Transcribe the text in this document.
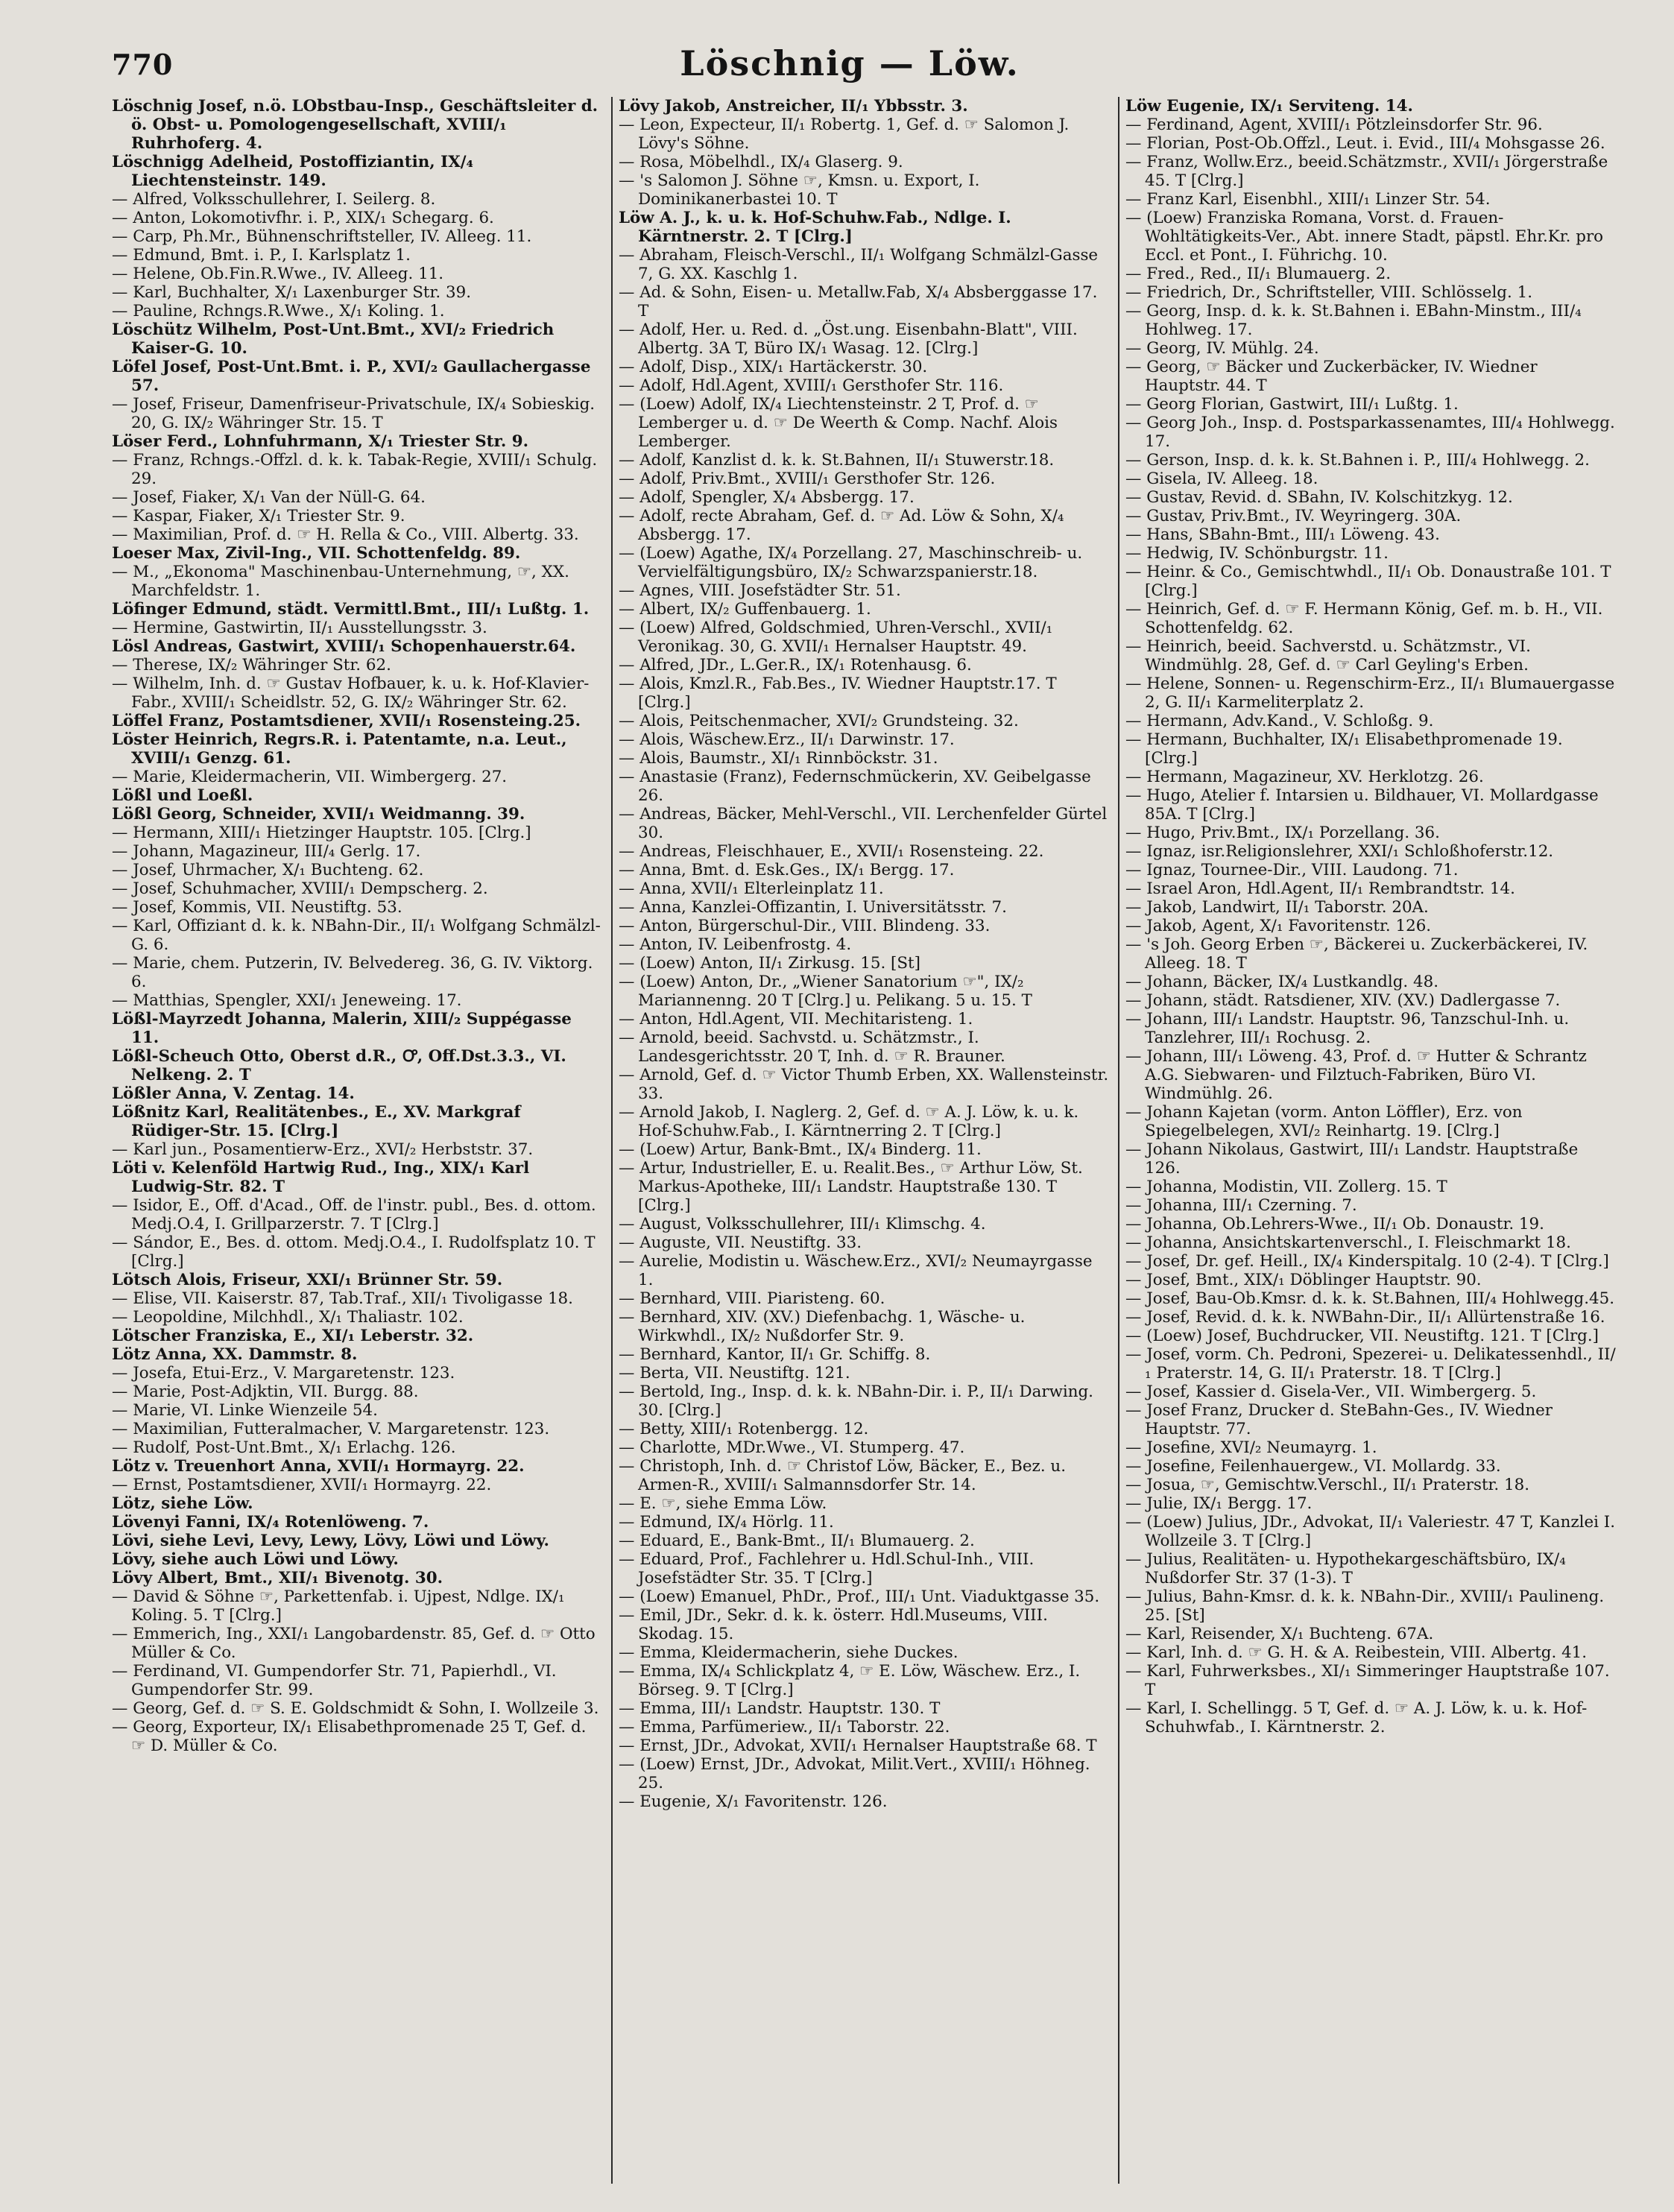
770	Löschnig — Löw.

Löschnig Josef, n.ö. LObstbau-Insp., Geschäftsleiter d. ö. Obst- u. Pomologengesellschaft, XVIII/₁ Ruhrhoferg. 4.

Löschnigg Adelheid, Postoffiziantin, IX/₄ Liechtensteinstr. 149.

— Alfred, Volksschullehrer, I. Seilerg. 8.

— Anton, Lokomotivfhr. i. P., XIX/₁ Schegarg. 6.

— Carp, Ph.Mr., Bühnenschriftsteller, IV. Alleeg. 11.

— Edmund, Bmt. i. P., I. Karlsplatz 1.

— Helene, Ob.Fin.R.Wwe., IV. Alleeg. 11.

— Karl, Buchhalter, X/₁ Laxenburger Str. 39.

— Pauline, Rchngs.R.Wwe., X/₁ Koling. 1.

Löschütz Wilhelm, Post-Unt.Bmt., XVI/₂ Friedrich Kaiser-G. 10.

Löfel Josef, Post-Unt.Bmt. i. P., XVI/₂ Gaullachergasse 57.

— Josef, Friseur, Damenfriseur-Privatschule, IX/₄ Sobieskig. 20, G. IX/₂ Währinger Str. 15. T

Löser Ferd., Lohnfuhrmann, X/₁ Triester Str. 9.

— Franz, Rchngs.-Offzl. d. k. k. Tabak-Regie, XVIII/₁ Schulg. 29.

— Josef, Fiaker, X/₁ Van der Nüll-G. 64.

— Kaspar, Fiaker, X/₁ Triester Str. 9.

— Maximilian, Prof. d. ☞ H. Rella & Co., VIII. Albertg. 33.

Loeser Max, Zivil-Ing., VII. Schottenfeldg. 89.

— M., „Ekonoma" Maschinenbau-Unternehmung, ☞, XX. Marchfeldstr. 1.

Löfinger Edmund, städt. Vermittl.Bmt., III/₁ Lußtg. 1.

— Hermine, Gastwirtin, II/₁ Ausstellungsstr. 3.

Lösl Andreas, Gastwirt, XVIII/₁ Schopenhauerstr.64.

— Therese, IX/₂ Währinger Str. 62.

— Wilhelm, Inh. d. ☞ Gustav Hofbauer, k. u. k. Hof-Klavier-Fabr., XVIII/₁ Scheidlstr. 52, G. IX/₂ Währinger Str. 62.

Löffel Franz, Postamtsdiener, XVII/₁ Rosensteing.25.

Löster Heinrich, Regrs.R. i. Patentamte, n.a. Leut., XVIII/₁ Genzg. 61.

— Marie, Kleidermacherin, VII. Wimbergerg. 27.

Lößl und Loeßl.

Lößl Georg, Schneider, XVII/₁ Weidmanng. 39.

— Hermann, XIII/₁ Hietzinger Hauptstr. 105. [Clrg.]

— Johann, Magazineur, III/₄ Gerlg. 17.

— Josef, Uhrmacher, X/₁ Buchteng. 62.

— Josef, Schuhmacher, XVIII/₁ Dempscherg. 2.

— Josef, Kommis, VII. Neustiftg. 53.

— Karl, Offiziant d. k. k. NBahn-Dir., II/₁ Wolfgang Schmälzl-G. 6.

— Marie, chem. Putzerin, IV. Belvedereg. 36, G. IV. Viktorg. 6.

— Matthias, Spengler, XXI/₁ Jeneweing. 17.

Lößl-Mayrzedt Johanna, Malerin, XIII/₂ Suppégasse 11.

Lößl-Scheuch Otto, Oberst d.R., Ꝍ, Off.Dst.3.3., VI. Nelkeng. 2. T

Lößler Anna, V. Zentag. 14.

Lößnitz Karl, Realitätenbes., E., XV. Markgraf Rüdiger-Str. 15. [Clrg.]

— Karl jun., Posamentierw-Erz., XVI/₂ Herbststr. 37.

Löti v. Kelenföld Hartwig Rud., Ing., XIX/₁ Karl Ludwig-Str. 82. T

— Isidor, E., Off. d'Acad., Off. de l'instr. publ., Bes. d. ottom. Medj.O.4, I. Grillparzerstr. 7. T [Clrg.]

— Sándor, E., Bes. d. ottom. Medj.O.4., I. Rudolfsplatz 10. T [Clrg.]

Lötsch Alois, Friseur, XXI/₁ Brünner Str. 59.

— Elise, VII. Kaiserstr. 87, Tab.Traf., XII/₁ Tivoligasse 18.

— Leopoldine, Milchhdl., X/₁ Thaliastr. 102.

Lötscher Franziska, E., XI/₁ Leberstr. 32.

Lötz Anna, XX. Dammstr. 8.

— Josefa, Etui-Erz., V. Margaretenstr. 123.

— Marie, Post-Adjktin, VII. Burgg. 88.

— Marie, VI. Linke Wienzeile 54.

— Maximilian, Futteralmacher, V. Margaretenstr. 123.

— Rudolf, Post-Unt.Bmt., X/₁ Erlachg. 126.

Lötz v. Treuenhort Anna, XVII/₁ Hormayrg. 22.

— Ernst, Postamtsdiener, XVII/₁ Hormayrg. 22.

Lötz, siehe Löw.

Lövenyi Fanni, IX/₄ Rotenlöweng. 7.

Lövi, siehe Levi, Levy, Lewy, Lövy, Löwi und Löwy.

Lövy, siehe auch Löwi und Löwy.

Lövy Albert, Bmt., XII/₁ Bivenotg. 30.

— David & Söhne ☞, Parkettenfab. i. Ujpest, Ndlge. IX/₁ Koling. 5. T [Clrg.]

— Emmerich, Ing., XXI/₁ Langobardenstr. 85, Gef. d. ☞ Otto Müller & Co.

— Ferdinand, VI. Gumpendorfer Str. 71, Papierhdl., VI. Gumpendorfer Str. 99.

— Georg, Gef. d. ☞ S. E. Goldschmidt & Sohn, I. Wollzeile 3.

— Georg, Exporteur, IX/₁ Elisabethpromenade 25 T, Gef. d. ☞ D. Müller & Co.

Lövy Jakob, Anstreicher, II/₁ Ybbsstr. 3.

— Leon, Expecteur, II/₁ Robertg. 1, Gef. d. ☞ Salomon J. Lövy's Söhne.

— Rosa, Möbelhdl., IX/₄ Glaserg. 9.

— 's Salomon J. Söhne ☞, Kmsn. u. Export, I. Dominikanerbastei 10. T

Löw A. J., k. u. k. Hof-Schuhw.Fab., Ndlge. I. Kärntnerstr. 2. T [Clrg.]

— Abraham, Fleisch-Verschl., II/₁ Wolfgang Schmälzl-Gasse 7, G. XX. Kaschlg 1.

— Ad. & Sohn, Eisen- u. Metallw.Fab, X/₄ Absberggasse 17. T

— Adolf, Her. u. Red. d. „Öst.ung. Eisenbahn-Blatt", VIII. Albertg. 3A T, Büro IX/₁ Wasag. 12. [Clrg.]

— Adolf, Disp., XIX/₁ Hartäckerstr. 30.

— Adolf, Hdl.Agent, XVIII/₁ Gersthofer Str. 116.

— (Loew) Adolf, IX/₄ Liechtensteinstr. 2 T, Prof. d. ☞ Lemberger u. d. ☞ De Weerth & Comp. Nachf. Alois Lemberger.

— Adolf, Kanzlist d. k. k. St.Bahnen, II/₁ Stuwerstr.18.

— Adolf, Priv.Bmt., XVIII/₁ Gersthofer Str. 126.

— Adolf, Spengler, X/₄ Absbergg. 17.

— Adolf, recte Abraham, Gef. d. ☞ Ad. Löw & Sohn, X/₄ Absbergg. 17.

— (Loew) Agathe, IX/₄ Porzellang. 27, Maschinschreib- u. Vervielfältigungsbüro, IX/₂ Schwarzspanierstr.18.

— Agnes, VIII. Josefstädter Str. 51.

— Albert, IX/₂ Guffenbauerg. 1.

— (Loew) Alfred, Goldschmied, Uhren-Verschl., XVII/₁ Veronikag. 30, G. XVII/₁ Hernalser Hauptstr. 49.

— Alfred, JDr., L.Ger.R., IX/₁ Rotenhausg. 6.

— Alois, Kmzl.R., Fab.Bes., IV. Wiedner Hauptstr.17. T [Clrg.]

— Alois, Peitschenmacher, XVI/₂ Grundsteing. 32.

— Alois, Wäschew.Erz., II/₁ Darwinstr. 17.

— Alois, Baumstr., XI/₁ Rinnböckstr. 31.

— Anastasie (Franz), Federnschmückerin, XV. Geibelgasse 26.

— Andreas, Bäcker, Mehl-Verschl., VII. Lerchenfelder Gürtel 30.

— Andreas, Fleischhauer, E., XVII/₁ Rosensteing. 22.

— Anna, Bmt. d. Esk.Ges., IX/₁ Bergg. 17.

— Anna, XVII/₁ Elterleinplatz 11.

— Anna, Kanzlei-Offizantin, I. Universitätsstr. 7.

— Anton, Bürgerschul-Dir., VIII. Blindeng. 33.

— Anton, IV. Leibenfrostg. 4.

— (Loew) Anton, II/₁ Zirkusg. 15. [St]

— (Loew) Anton, Dr., „Wiener Sanatorium ☞", IX/₂ Mariannenng. 20 T [Clrg.] u. Pelikang. 5 u. 15. T

— Anton, Hdl.Agent, VII. Mechitaristeng. 1.

— Arnold, beeid. Sachvstd. u. Schätzmstr., I. Landesgerichtsstr. 20 T, Inh. d. ☞ R. Brauner.

— Arnold, Gef. d. ☞ Victor Thumb Erben, XX. Wallensteinstr. 33.

— Arnold Jakob, I. Naglerg. 2, Gef. d. ☞ A. J. Löw, k. u. k. Hof-Schuhw.Fab., I. Kärntnerring 2. T [Clrg.]

— (Loew) Artur, Bank-Bmt., IX/₄ Binderg. 11.

— Artur, Industrieller, E. u. Realit.Bes., ☞ Arthur Löw, St. Markus-Apotheke, III/₁ Landstr. Hauptstraße 130. T [Clrg.]

— August, Volksschullehrer, III/₁ Klimschg. 4.

— Auguste, VII. Neustiftg. 33.

— Aurelie, Modistin u. Wäschew.Erz., XVI/₂ Neumayrgasse 1.

— Bernhard, VIII. Piaristeng. 60.

— Bernhard, XIV. (XV.) Diefenbachg. 1, Wäsche- u. Wirkwhdl., IX/₂ Nußdorfer Str. 9.

— Bernhard, Kantor, II/₁ Gr. Schiffg. 8.

— Berta, VII. Neustiftg. 121.

— Bertold, Ing., Insp. d. k. k. NBahn-Dir. i. P., II/₁ Darwing. 30. [Clrg.]

— Betty, XIII/₁ Rotenbergg. 12.

— Charlotte, MDr.Wwe., VI. Stumperg. 47.

— Christoph, Inh. d. ☞ Christof Löw, Bäcker, E., Bez. u. Armen-R., XVIII/₁ Salmannsdorfer Str. 14.

— E. ☞, siehe Emma Löw.

— Edmund, IX/₄ Hörlg. 11.

— Eduard, E., Bank-Bmt., II/₁ Blumauerg. 2.

— Eduard, Prof., Fachlehrer u. Hdl.Schul-Inh., VIII. Josefstädter Str. 35. T [Clrg.]

— (Loew) Emanuel, PhDr., Prof., III/₁ Unt. Viaduktgasse 35.

— Emil, JDr., Sekr. d. k. k. österr. Hdl.Museums, VIII. Skodag. 15.

— Emma, Kleidermacherin, siehe Duckes.

— Emma, IX/₄ Schlickplatz 4, ☞ E. Löw, Wäschew. Erz., I. Börseg. 9. T [Clrg.]

— Emma, III/₁ Landstr. Hauptstr. 130. T

— Emma, Parfümeriew., II/₁ Taborstr. 22.

— Ernst, JDr., Advokat, XVII/₁ Hernalser Hauptstraße 68. T

— (Loew) Ernst, JDr., Advokat, Milit.Vert., XVIII/₁ Höhneg. 25.

— Eugenie, X/₁ Favoritenstr. 126.

Löw Eugenie, IX/₁ Serviteng. 14.

— Ferdinand, Agent, XVIII/₁ Pötzleinsdorfer Str. 96.

— Florian, Post-Ob.Offzl., Leut. i. Evid., III/₄ Mohsgasse 26.

— Franz, Wollw.Erz., beeid.Schätzmstr., XVII/₁ Jörgerstraße 45. T [Clrg.]

— Franz Karl, Eisenbhl., XIII/₁ Linzer Str. 54.

— (Loew) Franziska Romana, Vorst. d. Frauen-Wohltätigkeits-Ver., Abt. innere Stadt, päpstl. Ehr.Kr. pro Eccl. et Pont., I. Führichg. 10.

— Fred., Red., II/₁ Blumauerg. 2.

— Friedrich, Dr., Schriftsteller, VIII. Schlösselg. 1.

— Georg, Insp. d. k. k. St.Bahnen i. EBahn-Minstm., III/₄ Hohlweg. 17.

— Georg, IV. Mühlg. 24.

— Georg, ☞ Bäcker und Zuckerbäcker, IV. Wiedner Hauptstr. 44. T

— Georg Florian, Gastwirt, III/₁ Lußtg. 1.

— Georg Joh., Insp. d. Postsparkassenamtes, III/₄ Hohlwegg. 17.

— Gerson, Insp. d. k. k. St.Bahnen i. P., III/₄ Hohlwegg. 2.

— Gisela, IV. Alleeg. 18.

— Gustav, Revid. d. SBahn, IV. Kolschitzkyg. 12.

— Gustav, Priv.Bmt., IV. Weyringerg. 30A.

— Hans, SBahn-Bmt., III/₁ Löweng. 43.

— Hedwig, IV. Schönburgstr. 11.

— Heinr. & Co., Gemischtwhdl., II/₁ Ob. Donaustraße 101. T [Clrg.]

— Heinrich, Gef. d. ☞ F. Hermann König, Gef. m. b. H., VII. Schottenfeldg. 62.

— Heinrich, beeid. Sachverstd. u. Schätzmstr., VI. Windmühlg. 28, Gef. d. ☞ Carl Geyling's Erben.

— Helene, Sonnen- u. Regenschirm-Erz., II/₁ Blumauergasse 2, G. II/₁ Karmeliterplatz 2.

— Hermann, Adv.Kand., V. Schloßg. 9.

— Hermann, Buchhalter, IX/₁ Elisabethpromenade 19. [Clrg.]

— Hermann, Magazineur, XV. Herklotzg. 26.

— Hugo, Atelier f. Intarsien u. Bildhauer, VI. Mollardgasse 85A. T [Clrg.]

— Hugo, Priv.Bmt., IX/₁ Porzellang. 36.

— Ignaz, isr.Religionslehrer, XXI/₁ Schloßhoferstr.12.

— Ignaz, Tournee-Dir., VIII. Laudong. 71.

— Israel Aron, Hdl.Agent, II/₁ Rembrandtstr. 14.

— Jakob, Landwirt, II/₁ Taborstr. 20A.

— Jakob, Agent, X/₁ Favoritenstr. 126.

— 's Joh. Georg Erben ☞, Bäckerei u. Zuckerbäckerei, IV. Alleeg. 18. T

— Johann, Bäcker, IX/₄ Lustkandlg. 48.

— Johann, städt. Ratsdiener, XIV. (XV.) Dadlergasse 7.

— Johann, III/₁ Landstr. Hauptstr. 96, Tanzschul-Inh. u. Tanzlehrer, III/₁ Rochusg. 2.

— Johann, III/₁ Löweng. 43, Prof. d. ☞ Hutter & Schrantz A.G. Siebwaren- und Filztuch-Fabriken, Büro VI. Windmühlg. 26.

— Johann Kajetan (vorm. Anton Löffler), Erz. von Spiegelbelegen, XVI/₂ Reinhartg. 19. [Clrg.]

— Johann Nikolaus, Gastwirt, III/₁ Landstr. Hauptstraße 126.

— Johanna, Modistin, VII. Zollerg. 15. T

— Johanna, III/₁ Czerning. 7.

— Johanna, Ob.Lehrers-Wwe., II/₁ Ob. Donaustr. 19.

— Johanna, Ansichtskartenverschl., I. Fleischmarkt 18.

— Josef, Dr. gef. Heill., IX/₄ Kinderspitalg. 10 (2-4). T [Clrg.]

— Josef, Bmt., XIX/₁ Döblinger Hauptstr. 90.

— Josef, Bau-Ob.Kmsr. d. k. k. St.Bahnen, III/₄ Hohlwegg.45.

— Josef, Revid. d. k. k. NWBahn-Dir., II/₁ Allürtenstraße 16.

— (Loew) Josef, Buchdrucker, VII. Neustiftg. 121. T [Clrg.]

— Josef, vorm. Ch. Pedroni, Spezerei- u. Delikatessenhdl., II/₁ Praterstr. 14, G. II/₁ Praterstr. 18. T [Clrg.]

— Josef, Kassier d. Gisela-Ver., VII. Wimbergerg. 5.

— Josef Franz, Drucker d. SteBahn-Ges., IV. Wiedner Hauptstr. 77.

— Josefine, XVI/₂ Neumayrg. 1.

— Josefine, Feilenhauergew., VI. Mollardg. 33.

— Josua, ☞, Gemischtw.Verschl., II/₁ Praterstr. 18.

— Julie, IX/₁ Bergg. 17.

— (Loew) Julius, JDr., Advokat, II/₁ Valeriestr. 47 T, Kanzlei I. Wollzeile 3. T [Clrg.]

— Julius, Realitäten- u. Hypothekargeschäftsbüro, IX/₄ Nußdorfer Str. 37 (1-3). T

— Julius, Bahn-Kmsr. d. k. k. NBahn-Dir., XVIII/₁ Paulineng. 25. [St]

— Karl, Reisender, X/₁ Buchteng. 67A.

— Karl, Inh. d. ☞ G. H. & A. Reibestein, VIII. Albertg. 41.

— Karl, Fuhrwerksbes., XI/₁ Simmeringer Hauptstraße 107. T

— Karl, I. Schellingg. 5 T, Gef. d. ☞ A. J. Löw, k. u. k. Hof-Schuhwfab., I. Kärntnerstr. 2.
